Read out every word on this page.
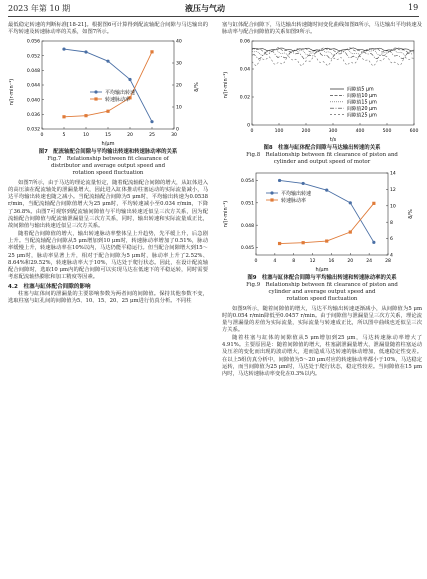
2023 年第 10 期	液压与气动	19

最低稳定转速的判断标准[18-21]。根据图6可计算得到配流轴配合间隙与马达输出的平均转速及转速脉动率的关系，如图7所示。

0	5	10	15	20	25	30
0.056
0.052
0.048
0.044
0.040
0.036
0.032
40
30
20
10
0
平均输出转速
转速脉动率
n/(r·min⁻¹)	δ/%
h/μm

图7　配流轴配合间隙与平均输出转速和转速脉动率的关系

Fig.7　Relationship between fit clearance of

distributor and average output speed and

rotation speed fluctuation

如图7所示，由于马达的理论流量恒定，随着配流轴配合间隙的增大，从缸体进入的高压油在配流轴处的泄漏量增大，因此进入缸体推动柱塞运动的实际流量减小，马达平均输出转速也随之减小。当配流轴配合间隙为5 μm时，平均输出转速为0.0538 r/min，当配流轴配合间隙值增大为25 μm时，平均转速减小至0.034 r/min，下降了36.8%。由图7可观察到配流轴间隙值与平均输出转速近似呈三次方关系，因为配流轴配合间隙值与配流轴泄漏量呈三次方关系，同时，输出转速和实际流量成正比，故间隙值与输出转速近似呈三次方关系。

随着配合间隙值的增大，输出转速脉动率整体呈上升趋势，先平缓上升，后急剧上升。当配流轴配合间隙从5 μm增加到10 μm时，转速脉动率增加了0.51%，脉动率缓慢上升，转速脉动率在10%以内，马达仍能平稳运行。但当配合间隙增大到15～25 μm时，脉动率显著上升，相对于配合间隙为5 μm时，脉动率上升了2.52%、8.64%和29.52%，转速脉动率大于10%，马达处于爬行状态。因此，在设计配流轴配合间隙时，选取10 μm内的配合间隙可以实现马达在低速下的平稳运转，同时需要考虑配流轴热膨胀和加工精度等因素。

4.2　柱塞与缸体配合间隙的影响

柱塞与缸体间的泄漏量的主要影响参数为两者间的间隙值。保持其他参数不变，选取柱塞与缸孔间的间隙值为5、10、15、20、25 μm进行仿真分析。不同柱

塞与缸体配合间隙下，马达输出转速随时间变化曲线如图8所示，马达输出平均转速及脉动率与配合间隙值的关系如图9所示。

0	100	200	300	400	500	600
0.06
0.04
0.02
0
间隙值5 μm
间隙值10 μm
间隙值15 μm
间隙值20 μm
间隙值25 μm
n/(r·min⁻¹)
t/s

图8　柱塞与缸体配合间隙与马达输出转速的关系

Fig.8　Relationship between fit clearance of piston and

cylinder and output speed of motor

0	4	8	12	16	20	24	28
0.054
0.051
0.048
0.045
14
12
10
8
6
4
平均输出转速
转速脉动率
n/(r·min⁻¹)	δ/%
h/μm

图9　柱塞与缸体配合间隙与平均输出转速和转速脉动率的关系

Fig.9　Relationship between fit clearance of piston and

cylinder and average output speed and

rotation speed fluctuation

如图9所示，随着间隙值的增大，马达平均输出转速逐渐减小，从间隙值为5 μm时的0.054 r/min降低至0.0457 r/min。由于间隙值与泄漏量呈三次方关系，理论流量与泄漏量的差值为实际流量，实际流量与转速成正比，所以图中曲线也近似呈三次方关系。

随着柱塞与缸体的间隙值从5 μm增加到25 μm，马达转速脉动率增大了4.91%。主要原因是：随着间隙值的增大，柱塞副泄漏量增大，泄漏量随着柱塞运动及压差的变化而出现的波动增大，进而造成马达转速的脉动增加，低速稳定性变差。在以上5组仿真分析中，间隙值为5～20 μm对应的转速脉动率都小于10%，马达稳定运转，而当间隙值为25 μm时，马达处于爬行状态，稳定性较差。当间隙值在15 μm内时，马达转速脉动率变化在0.3%以内。
